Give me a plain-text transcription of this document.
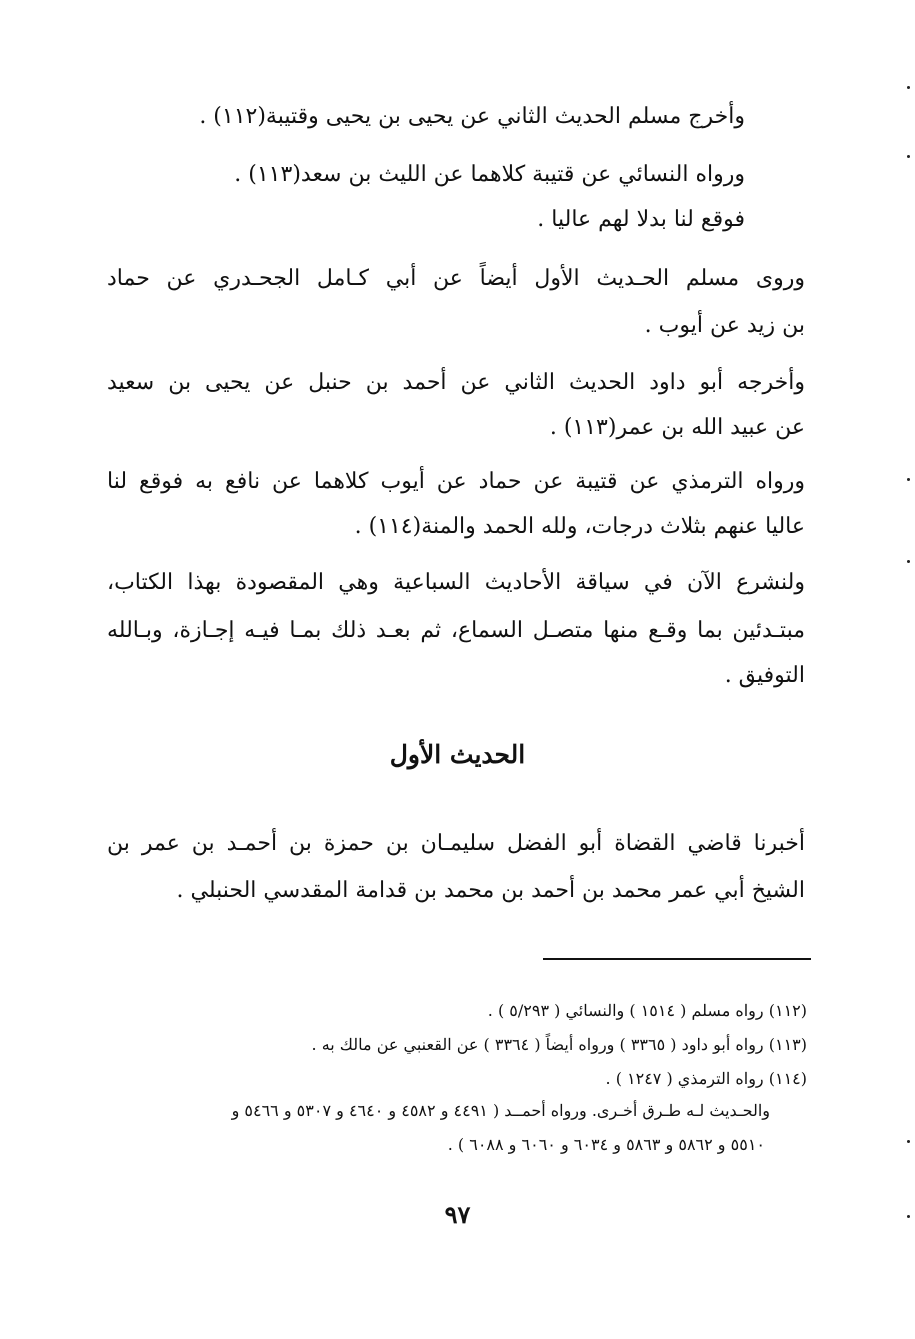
وأخرج مسلم الحديث الثاني عن يحيى بن يحيى وقتيبة(١١٢) .
ورواه النسائي عن قتيبة كلاهما عن الليث بن سعد(١١٣) .
فوقع لنا بدلا لهم عاليا .
وروى مسلم الحـديث الأول أيضاً عن أبي كـامل الجحـدري عن حماد
بن زيد عن أيوب .
وأخرجه أبو داود الحديث الثاني عن أحمد بن حنبل عن يحيى بن سعيد
عن عبيد الله بن عمر(١١٣) .
ورواه الترمذي عن قتيبة عن حماد عن أيوب كلاهما عن نافع به فوقع لنا
عاليا عنهم بثلاث درجات، ولله الحمد والمنة(١١٤) .
ولنشرع الآن في سياقة الأحاديث السباعية وهي المقصودة بهذا الكتاب،
مبتـدئين بما وقـع منها متصـل السماع، ثم بعـد ذلك بمـا فيـه إجـازة، وبـالله
التوفيق .
الحديث الأول
أخبرنا قاضي القضاة أبو الفضل سليمـان بن حمزة بن أحمـد بن عمر بن
الشيخ أبي عمر محمد بن أحمد بن محمد بن قدامة المقدسي الحنبلي .
(١١٢) رواه مسلم ( ١٥١٤ ) والنسائي ( ٥/٢٩٣ ) .
(١١٣) رواه أبو داود ( ٣٣٦٥ ) ورواه أيضاً ( ٣٣٦٤ ) عن القعنبي عن مالك به .
(١١٤) رواه الترمذي ( ١٢٤٧ ) .
والحـديث لـه طـرق أخـرى. ورواه أحمــد ( ٤٤٩١ و ٤٥٨٢ و ٤٦٤٠ و ٥٣٠٧ و ٥٤٦٦ و
٥٥١٠ و ٥٨٦٢ و ٥٨٦٣ و ٦٠٣٤ و ٦٠٦٠ و ٦٠٨٨ ) .
٩٧
